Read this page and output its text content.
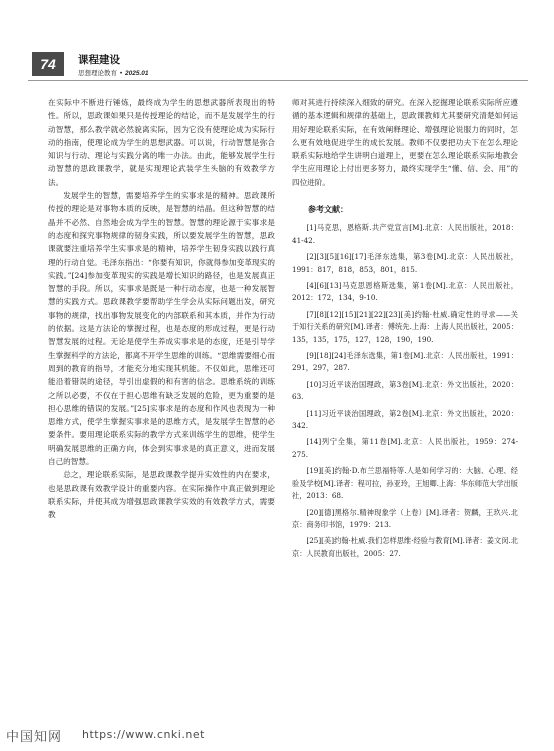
74	课程建设
思想理论教育 • 2025.01

在实际中不断进行锤炼，最终成为学生的思想武器所表现出的特性。所以，思政课如果只是传授理论的结论，而不是发展学生的行动智慧，那么教学就必然貌离实际，因为它没有使理论成为实际行动的指南，使理论成为学生的思想武器。可以说，行动智慧是弥合知识与行动、理论与实践分离的唯一办法。由此，能够发展学生行动智慧的思政课教学，就是实现理论武装学生头脑的有效教学方法。

发展学生的智慧，需要培养学生的实事求是的精神。思政课所传授的理论是对事物本质的反映，是智慧的结晶。但这种智慧的结晶并不必然、自然地会成为学生的智慧。智慧的理论源于实事求是的态度和探究事物规律的韧身实践，所以要发展学生的智慧，思政课就要注重培养学生实事求是的精神，培养学生韧身实践以践行真理的行动自觉。毛泽东指出：“你要有知识，你就得参加变革现实的实践。”[24]参加变革现实的实践是增长知识的路径，也是发展真正智慧的手段。所以，实事求是既是一种行动态度，也是一种发展智慧的实践方式。思政课教学要帮助学生学会从实际问题出发，研究事物的规律，找出事物发展变化的内部联系和其本质，并作为行动的依据。这是方法论的掌握过程，也是态度的形成过程，更是行动智慧发展的过程。无论是使学生养成实事求是的态度，还是引导学生掌握科学的方法论，都离不开学生思维的训练。“思维需要细心而周到的教育的指导，才能充分地实现其机能。不仅如此，思维还可能沿着错误的途径，导引出虚假的和有害的信念。思维系统的训练之所以必要，不仅在于担心思维有缺乏发展的危险，更为重要的是担心思维的错误的发展。”[25]实事求是的态度和作风也表现为一种思维方式，使学生掌握实事求是的思维方式，是发展学生智慧的必要条件。要用理论联系实际的教学方式来训练学生的思维，使学生明确发展思维的正确方向，体会到实事求是的真正意义，进而发展自己的智慧。

总之，理论联系实际，是思政课教学提升实效性的内在要求，也是思政课有效教学设计的重要内容。在实际操作中真正做到理论联系实际，并使其成为增强思政课教学实效的有效教学方式，需要教

师对其进行持续深入细致的研究。在深入挖掘理论联系实际所应遵循的基本逻辑和规律的基础上，思政课教师尤其要研究清楚如何运用好理论联系实际，在有效阐释理论、增强理论说服力的同时，怎么更有效地促进学生的成长发展。教师不仅要把功夫下在怎么理论联系实际地给学生讲明白道理上，更要在怎么理论联系实际地教会学生应用理论上付出更多努力，最终实现学生“懂、信、会、用”的四位进阶。

参考文献：

[1]马克思，恩格斯.共产党宣言[M].北京：人民出版社，2018：41-42.

[2][3][5][16][17]毛泽东选集，第3卷[M].北京：人民出版社，1991：817，818，853，801，815.

[4][6][13]马克思恩格斯选集，第1卷[M].北京：人民出版社，2012：172，134，9-10.

[7][8][12][15][21][22][23][美]约翰·杜威.确定性的寻求——关于知行关系的研究[M].译者：傅统先.上海：上海人民出版社，2005：135，135，175，127，128，190，190.

[9][18][24]毛泽东选集，第1卷[M].北京：人民出版社，1991：291，297，287.

[10]习近平谈治国理政，第3卷[M].北京：外文出版社，2020：63.

[11]习近平谈治国理政，第2卷[M].北京：外文出版社，2020：342.

[14]列宁全集，第11卷[M].北京：人民出版社，1959：274-275.

[19][美]约翰·D.布兰思福特等.人是如何学习的：大脑、心理、经验及学校[M].译者：程可拉，孙亚玲，王旭卿.上海：华东师范大学出版社，2013：68.

[20][德]黑格尔.精神现象学（上卷）[M].译者：贺麟，王玖兴.北京：商务印书馆，1979：213.

[25][美]约翰·杜威.我们怎样思维·经验与教育[M].译者：姜文闵.北京：人民教育出版社，2005：27.

中国知网 https://www.cnki.net
